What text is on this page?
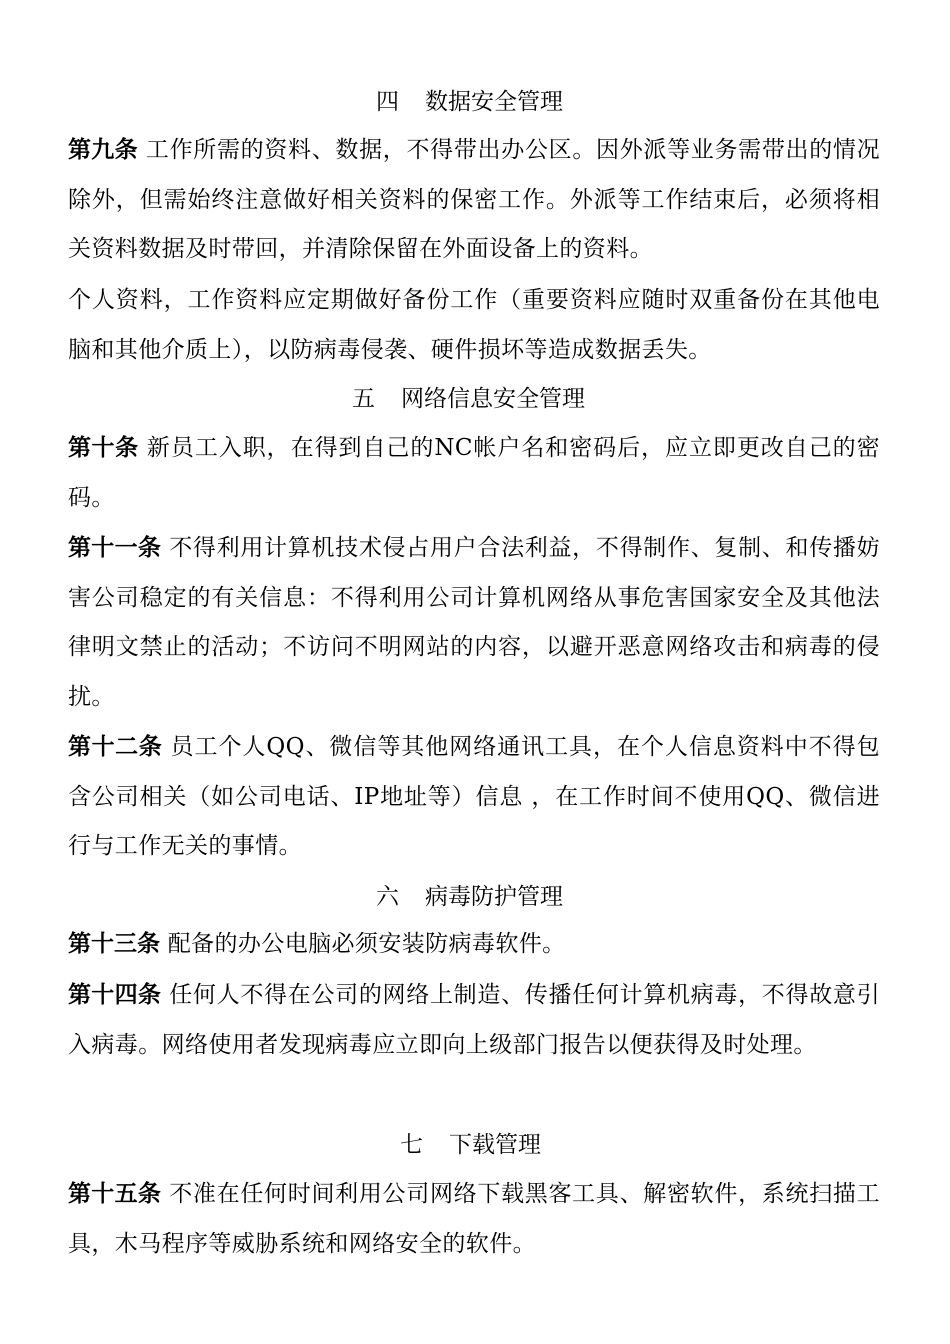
四 数据安全管理
第九条 工作所需的资料、数据，不得带出办公区。因外派等业务需带出的情况除外，但需始终注意做好相关资料的保密工作。外派等工作结束后，必须将相关资料数据及时带回，并清除保留在外面设备上的资料。
个人资料，工作资料应定期做好备份工作（重要资料应随时双重备份在其他电脑和其他介质上），以防病毒侵袭、硬件损坏等造成数据丢失。
五 网络信息安全管理
第十条 新员工入职，在得到自己的NC帐户名和密码后，应立即更改自己的密码。
第十一条 不得利用计算机技术侵占用户合法利益，不得制作、复制、和传播妨害公司稳定的有关信息：不得利用公司计算机网络从事危害国家安全及其他法律明文禁止的活动；不访问不明网站的内容，以避开恶意网络攻击和病毒的侵扰。
第十二条 员工个人QQ、微信等其他网络通讯工具，在个人信息资料中不得包含公司相关（如公司电话、IP地址等）信息 ，在工作时间不使用QQ、微信进行与工作无关的事情。
六 病毒防护管理
第十三条 配备的办公电脑必须安装防病毒软件。
第十四条 任何人不得在公司的网络上制造、传播任何计算机病毒，不得故意引入病毒。网络使用者发现病毒应立即向上级部门报告以便获得及时处理。
七 下载管理
第十五条 不准在任何时间利用公司网络下载黑客工具、解密软件，系统扫描工具，木马程序等威胁系统和网络安全的软件。
